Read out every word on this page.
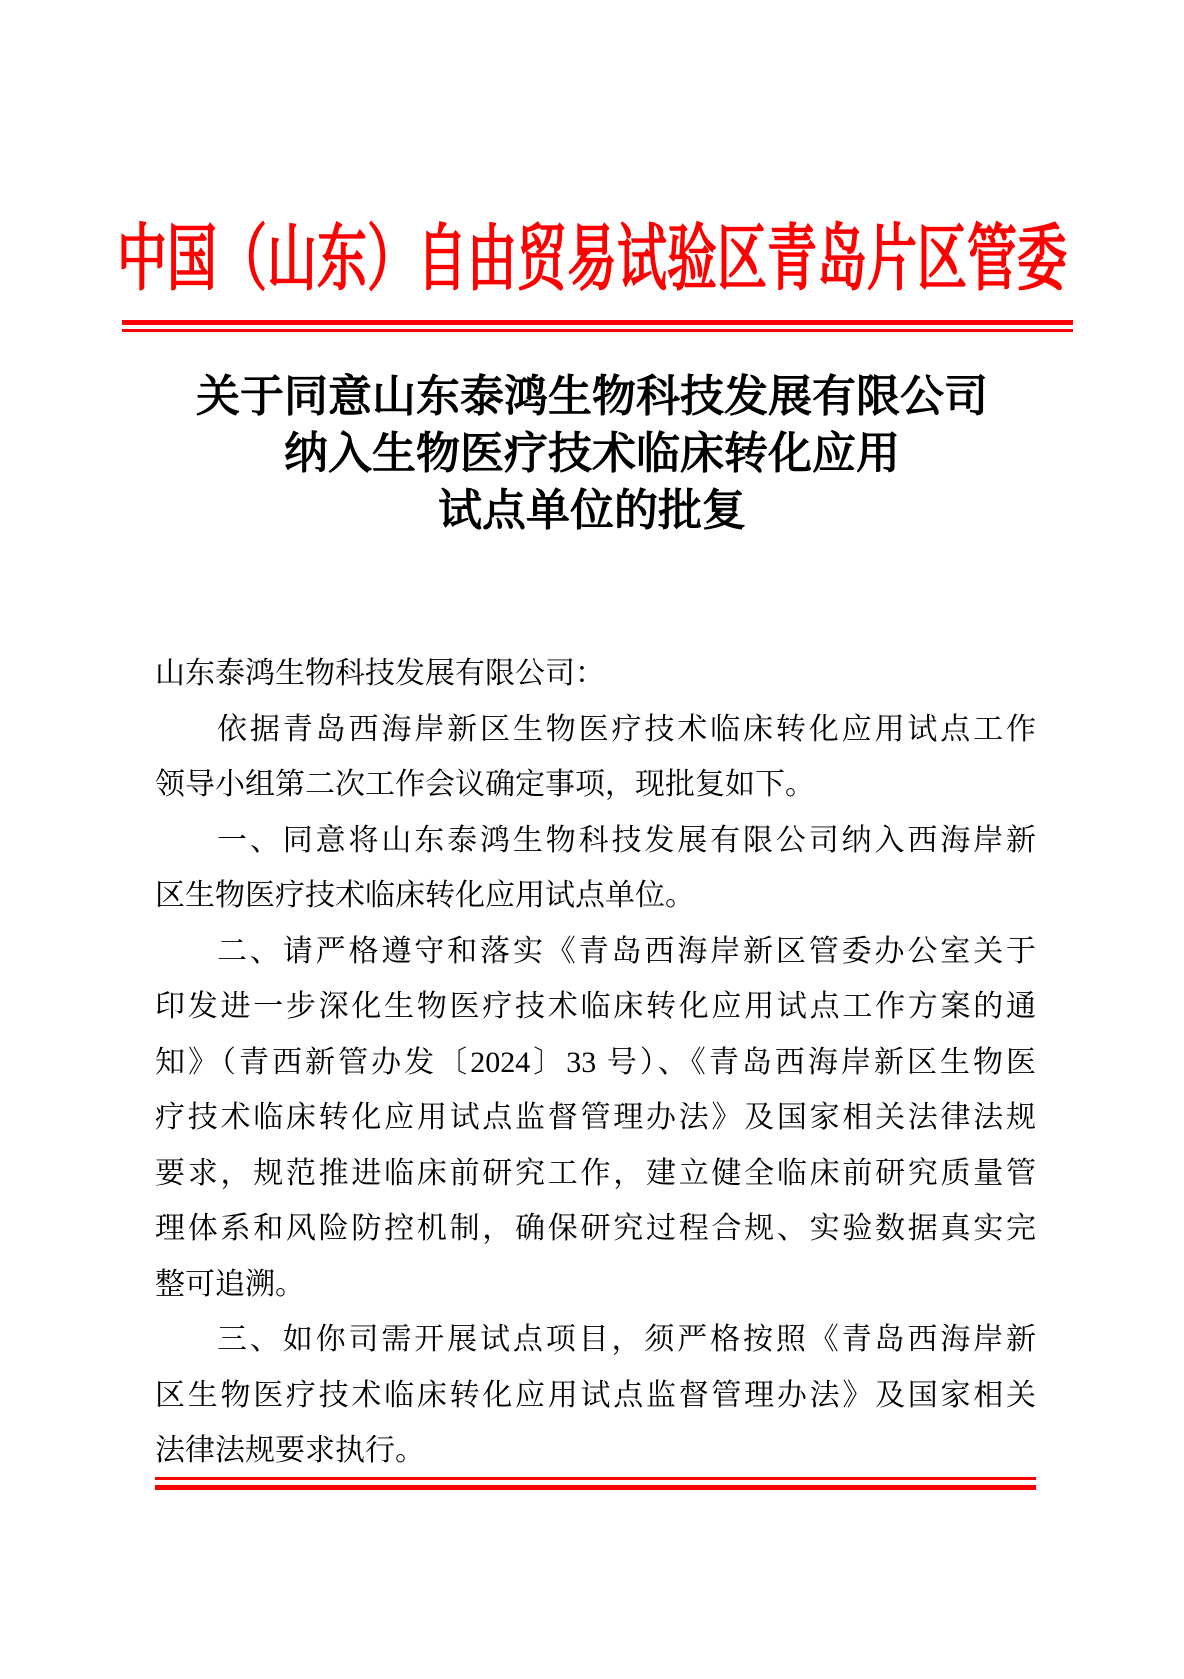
中国（山东）自由贸易试验区青岛片区管委
关于同意山东泰鸿生物科技发展有限公司
纳入生物医疗技术临床转化应用
试点单位的批复
山东泰鸿生物科技发展有限公司：
依据青岛西海岸新区生物医疗技术临床转化应用试点工作
领导小组第二次工作会议确定事项，现批复如下。
一、同意将山东泰鸿生物科技发展有限公司纳入西海岸新
区生物医疗技术临床转化应用试点单位。
二、请严格遵守和落实《青岛西海岸新区管委办公室关于
印发进一步深化生物医疗技术临床转化应用试点工作方案的通
知》（青西新管办发〔2024〕33 号）、《青岛西海岸新区生物医
疗技术临床转化应用试点监督管理办法》及国家相关法律法规
要求，规范推进临床前研究工作，建立健全临床前研究质量管
理体系和风险防控机制，确保研究过程合规、实验数据真实完
整可追溯。
三、如你司需开展试点项目，须严格按照《青岛西海岸新
区生物医疗技术临床转化应用试点监督管理办法》及国家相关
法律法规要求执行。
